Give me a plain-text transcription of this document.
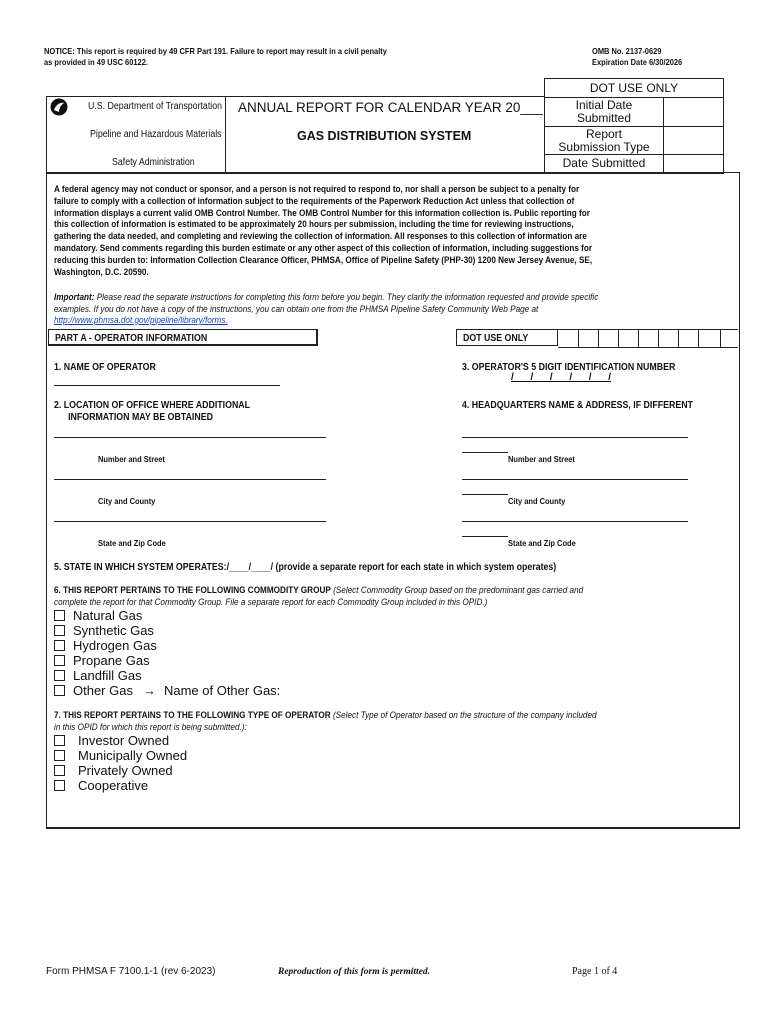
NOTICE: This report is required by 49 CFR Part 191. Failure to report may result in a civil penalty
as provided in 49 USC 60122.
OMB No. 2137-0629
Expiration Date 6/30/2026
DOT USE ONLY
Initial Date
Submitted
Report
Submission Type
Date Submitted
U.S. Department of Transportation
Pipeline and Hazardous Materials
Safety Administration
ANNUAL REPORT FOR CALENDAR YEAR 20___
GAS DISTRIBUTION SYSTEM
A federal agency may not conduct or sponsor, and a person is not required to respond to, nor shall a person be subject to a penalty for
failure to comply with a collection of information subject to the requirements of the Paperwork Reduction Act unless that collection of
information displays a current valid OMB Control Number. The OMB Control Number for this information collection is. Public reporting for
this collection of information is estimated to be approximately 20 hours per submission, including the time for reviewing instructions,
gathering the data needed, and completing and reviewing the collection of information. All responses to this collection of information are
mandatory. Send comments regarding this burden estimate or any other aspect of this collection of information, including suggestions for
reducing this burden to: Information Collection Clearance Officer, PHMSA, Office of Pipeline Safety (PHP-30) 1200 New Jersey Avenue, SE,
Washington, D.C. 20590.
Important: Please read the separate instructions for completing this form before you begin. They clarify the information requested and provide specific
examples. If you do not have a copy of the instructions, you can obtain one from the PHMSA Pipeline Safety Community Web Page at
http://www.phmsa.dot.gov/pipeline/library/forms.
PART A - OPERATOR INFORMATION	DOT USE ONLY
1. NAME OF OPERATOR	3. OPERATOR'S 5 DIGIT IDENTIFICATION NUMBER
/      /      /      /      /      /
2. LOCATION OF OFFICE WHERE ADDITIONAL
INFORMATION MAY BE OBTAINED
4. HEADQUARTERS NAME & ADDRESS, IF DIFFERENT
Number and Street
City and County
State and Zip Code
Number and Street
City and County
State and Zip Code
5. STATE IN WHICH SYSTEM OPERATES:/____/____/ (provide a separate report for each state in which system operates)
6. THIS REPORT PERTAINS TO THE FOLLOWING COMMODITY GROUP (Select Commodity Group based on the predominant gas carried and
complete the report for that Commodity Group. File a separate report for each Commodity Group included in this OPID.)
Natural Gas
Synthetic Gas
Hydrogen Gas
Propane Gas
Landfill Gas
Other Gas → Name of Other Gas:
7. THIS REPORT PERTAINS TO THE FOLLOWING TYPE OF OPERATOR (Select Type of Operator based on the structure of the company included
in this OPID for which this report is being submitted.):
Investor Owned
Municipally Owned
Privately Owned
Cooperative
Form PHMSA F 7100.1-1 (rev 6-2023)	Reproduction of this form is permitted.	Page 1 of 4
